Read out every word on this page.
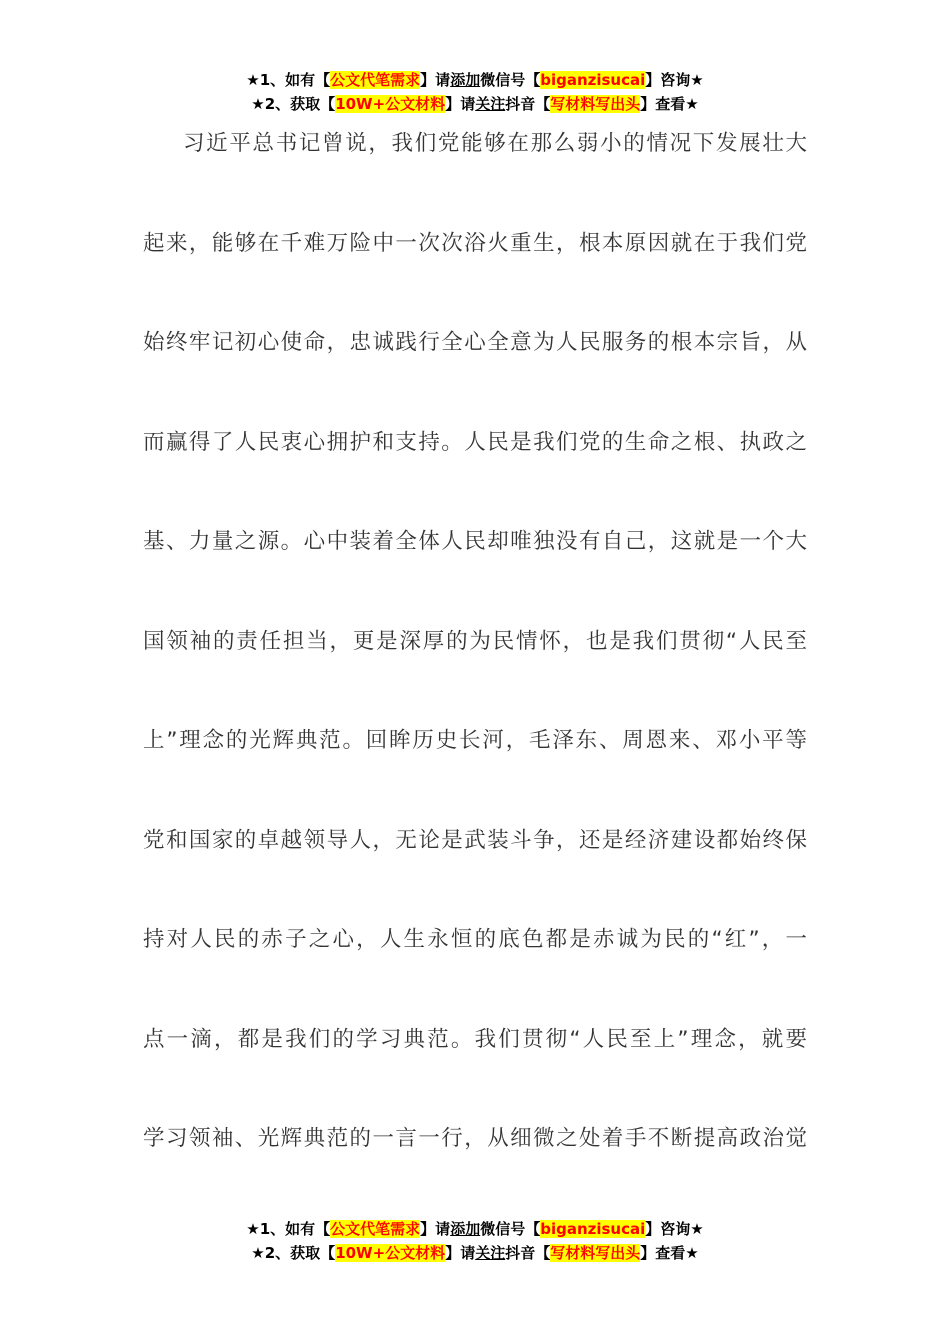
★1、如有【公文代笔需求】请添加微信号【biganzisucai】咨询★
★2、获取【10W+公文材料】请关注抖音【写材料写出头】查看★
习近平总书记曾说，我们党能够在那么弱小的情况下发展壮大
起来，能够在千难万险中一次次浴火重生，根本原因就在于我们党
始终牢记初心使命，忠诚践行全心全意为人民服务的根本宗旨，从
而赢得了人民衷心拥护和支持。人民是我们党的生命之根、执政之
基、力量之源。心中装着全体人民却唯独没有自己，这就是一个大
国领袖的责任担当，更是深厚的为民情怀，也是我们贯彻“人民至
上”理念的光辉典范。回眸历史长河，毛泽东、周恩来、邓小平等
党和国家的卓越领导人，无论是武装斗争，还是经济建设都始终保
持对人民的赤子之心，人生永恒的底色都是赤诚为民的“红”，一
点一滴，都是我们的学习典范。我们贯彻“人民至上”理念，就要
学习领袖、光辉典范的一言一行，从细微之处着手不断提高政治觉
★1、如有【公文代笔需求】请添加微信号【biganzisucai】咨询★
★2、获取【10W+公文材料】请关注抖音【写材料写出头】查看★
